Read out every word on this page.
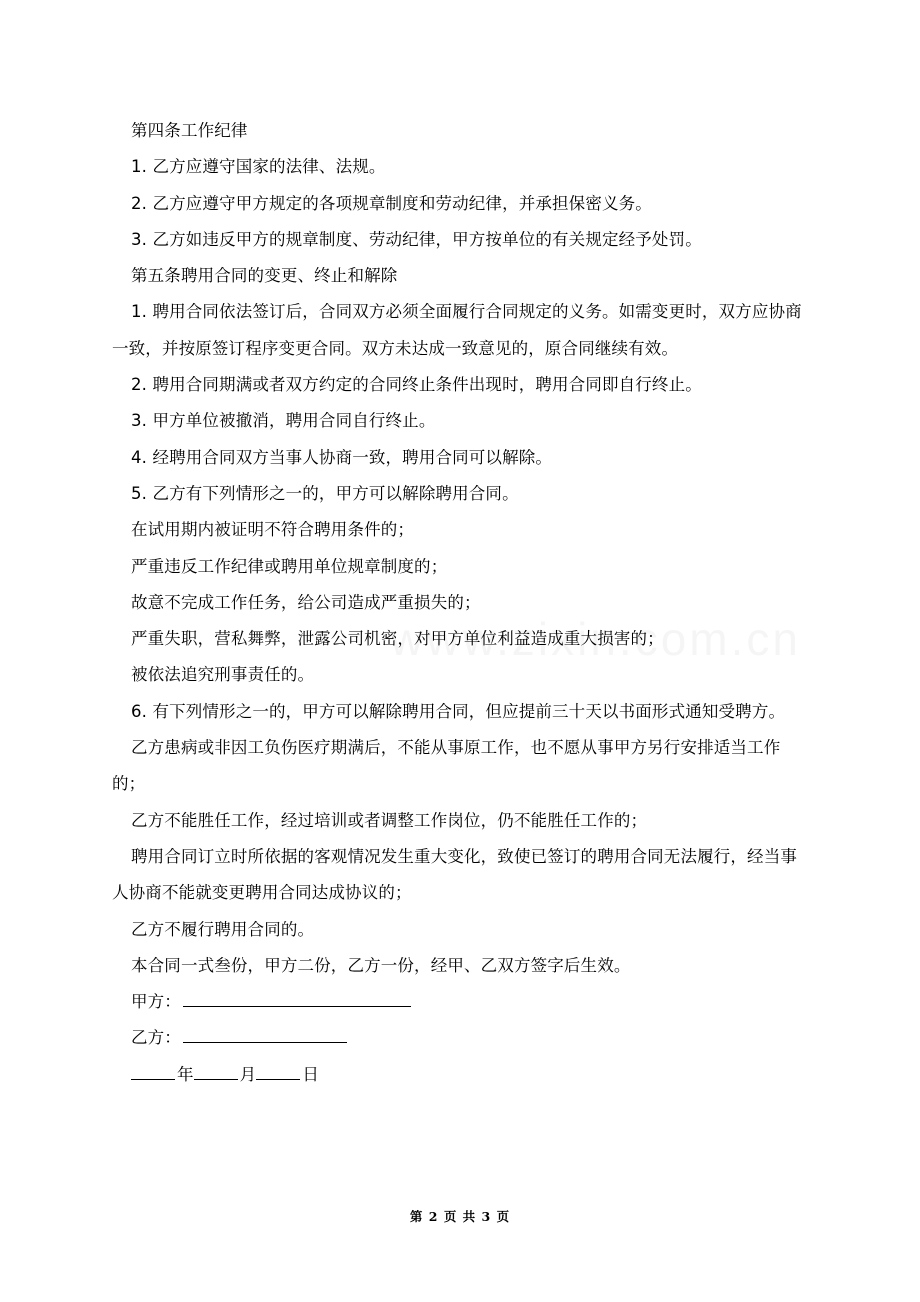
第四条工作纪律

1. 乙方应遵守国家的法律、法规。

2. 乙方应遵守甲方规定的各项规章制度和劳动纪律，并承担保密义务。

3. 乙方如违反甲方的规章制度、劳动纪律，甲方按单位的有关规定经予处罚。

第五条聘用合同的变更、终止和解除

1. 聘用合同依法签订后，合同双方必须全面履行合同规定的义务。如需变更时，双方应协商一致，并按原签订程序变更合同。双方未达成一致意见的，原合同继续有效。

2. 聘用合同期满或者双方约定的合同终止条件出现时，聘用合同即自行终止。

3. 甲方单位被撤消，聘用合同自行终止。

4. 经聘用合同双方当事人协商一致，聘用合同可以解除。

5. 乙方有下列情形之一的，甲方可以解除聘用合同。

在试用期内被证明不符合聘用条件的；

严重违反工作纪律或聘用单位规章制度的；

故意不完成工作任务，给公司造成严重损失的；

严重失职，营私舞弊，泄露公司机密，对甲方单位利益造成重大损害的；

被依法追究刑事责任的。

6. 有下列情形之一的，甲方可以解除聘用合同，但应提前三十天以书面形式通知受聘方。

乙方患病或非因工负伤医疗期满后，不能从事原工作，也不愿从事甲方另行安排适当工作的；

乙方不能胜任工作，经过培训或者调整工作岗位，仍不能胜任工作的；

聘用合同订立时所依据的客观情况发生重大变化，致使已签订的聘用合同无法履行，经当事人协商不能就变更聘用合同达成协议的；

乙方不履行聘用合同的。

本合同一式叁份，甲方二份，乙方一份，经甲、乙双方签字后生效。

甲方：

乙方：

年	月	日

第 2 页 共 3 页
